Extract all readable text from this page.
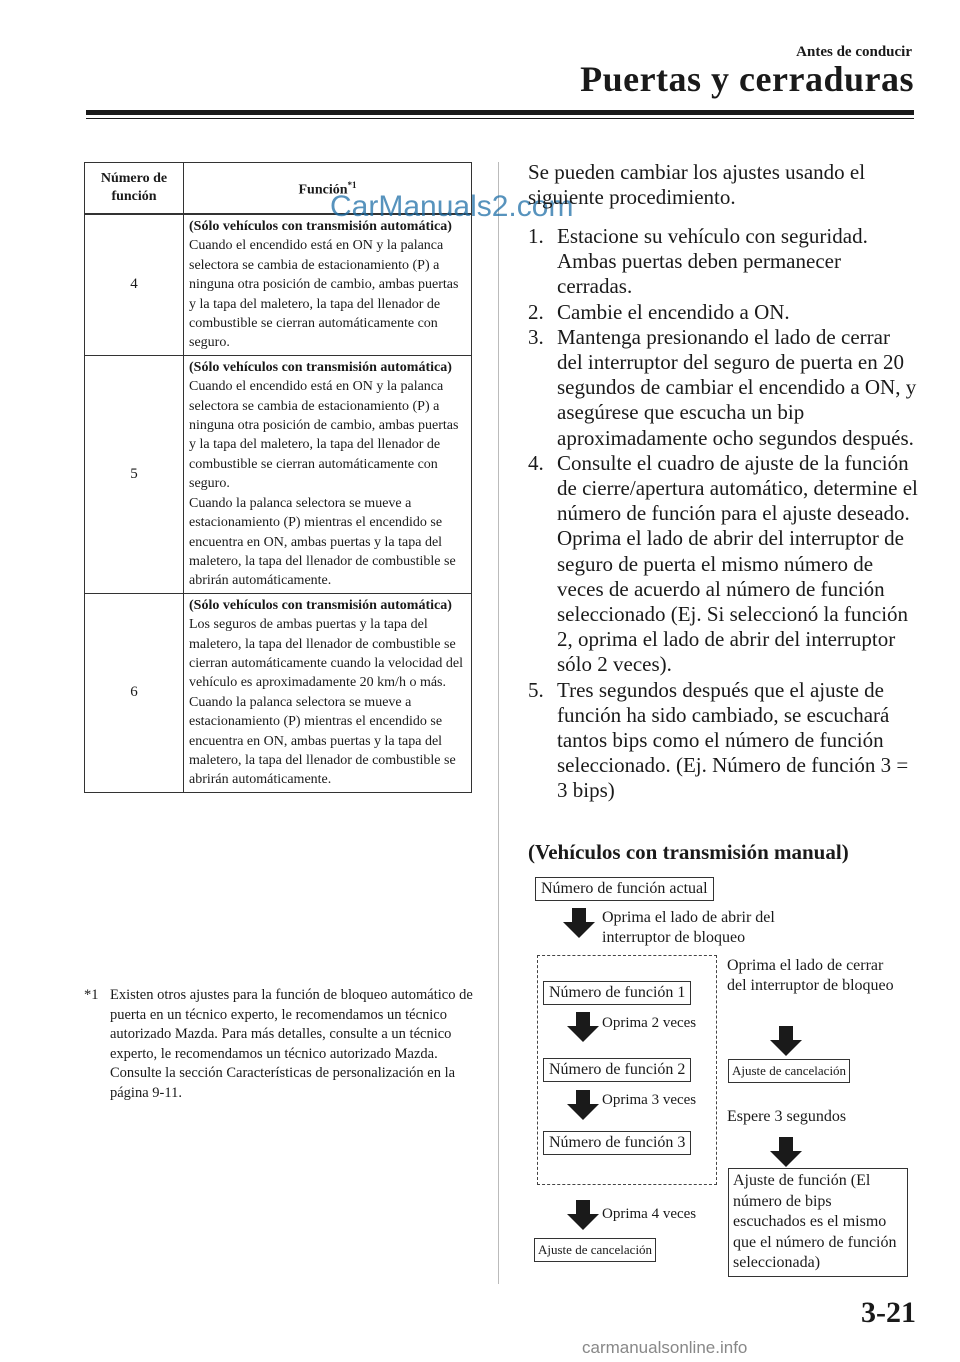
Antes de conducir
Puertas y cerraduras
Número de función	Función$^{*1}$
4	(Sólo vehículos con transmisión automática)
Cuando el encendido está en ON y la palanca selectora se cambia de estacionamiento (P) a ninguna otra posición de cambio, ambas puertas y la tapa del maletero, la tapa del llenador de combustible se cierran automáticamente con seguro.

5	(Sólo vehículos con transmisión automática)
Cuando el encendido está en ON y la palanca selectora se cambia de estacionamiento (P) a ninguna otra posición de cambio, ambas puertas y la tapa del maletero, la tapa del llenador de combustible se cierran automáticamente con seguro.
Cuando la palanca selectora se mueve a estacionamiento (P) mientras el encendido se encuentra en ON, ambas puertas y la tapa del maletero, la tapa del llenador de combustible se abrirán automáticamente.

6	(Sólo vehículos con transmisión automática)
Los seguros de ambas puertas y la tapa del maletero, la tapa del llenador de combustible se cierran automáticamente cuando la velocidad del vehículo es aproximadamente 20 km/h o más.
Cuando la palanca selectora se mueve a estacionamiento (P) mientras el encendido se encuentra en ON, ambas puertas y la tapa del maletero, la tapa del llenador de combustible se abrirán automáticamente.
*1 Existen otros ajustes para la función de bloqueo automático de puerta en un técnico experto, le recomendamos un técnico autorizado Mazda. Para más detalles, consulte a un técnico experto, le recomendamos un técnico autorizado Mazda. Consulte la sección Características de personalización en la página 9-11.
CarManuals2.com
Se pueden cambiar los ajustes usando el siguiente procedimiento.
1. Estacione su vehículo con seguridad. Ambas puertas deben permanecer cerradas.
2. Cambie el encendido a ON.
3. Mantenga presionando el lado de cerrar del interruptor del seguro de puerta en 20 segundos de cambiar el encendido a ON, y asegúrese que escucha un bip aproximadamente ocho segundos después.
4. Consulte el cuadro de ajuste de la función de cierre/apertura automático, determine el número de función para el ajuste deseado. Oprima el lado de abrir del interruptor de seguro de puerta el mismo número de veces de acuerdo al número de función seleccionado (Ej. Si seleccionó la función 2, oprima el lado de abrir del interruptor sólo 2 veces).
5. Tres segundos después que el ajuste de función ha sido cambiado, se escuchará tantos bips como el número de función seleccionado. (Ej. Número de función 3 = 3 bips)
(Vehículos con transmisión manual)
Número de función actual
Oprima el lado de abrir del interruptor de bloqueo
Número de función 1
Oprima 2 veces
Número de función 2
Oprima 3 veces
Número de función 3
Oprima 4 veces
Ajuste de cancelación
Oprima el lado de cerrar del interruptor de bloqueo
Ajuste de cancelación
Espere 3 segundos
Ajuste de función (El número de bips escuchados es el mismo que el número de función seleccionada)
3-21
carmanualsonline.info
